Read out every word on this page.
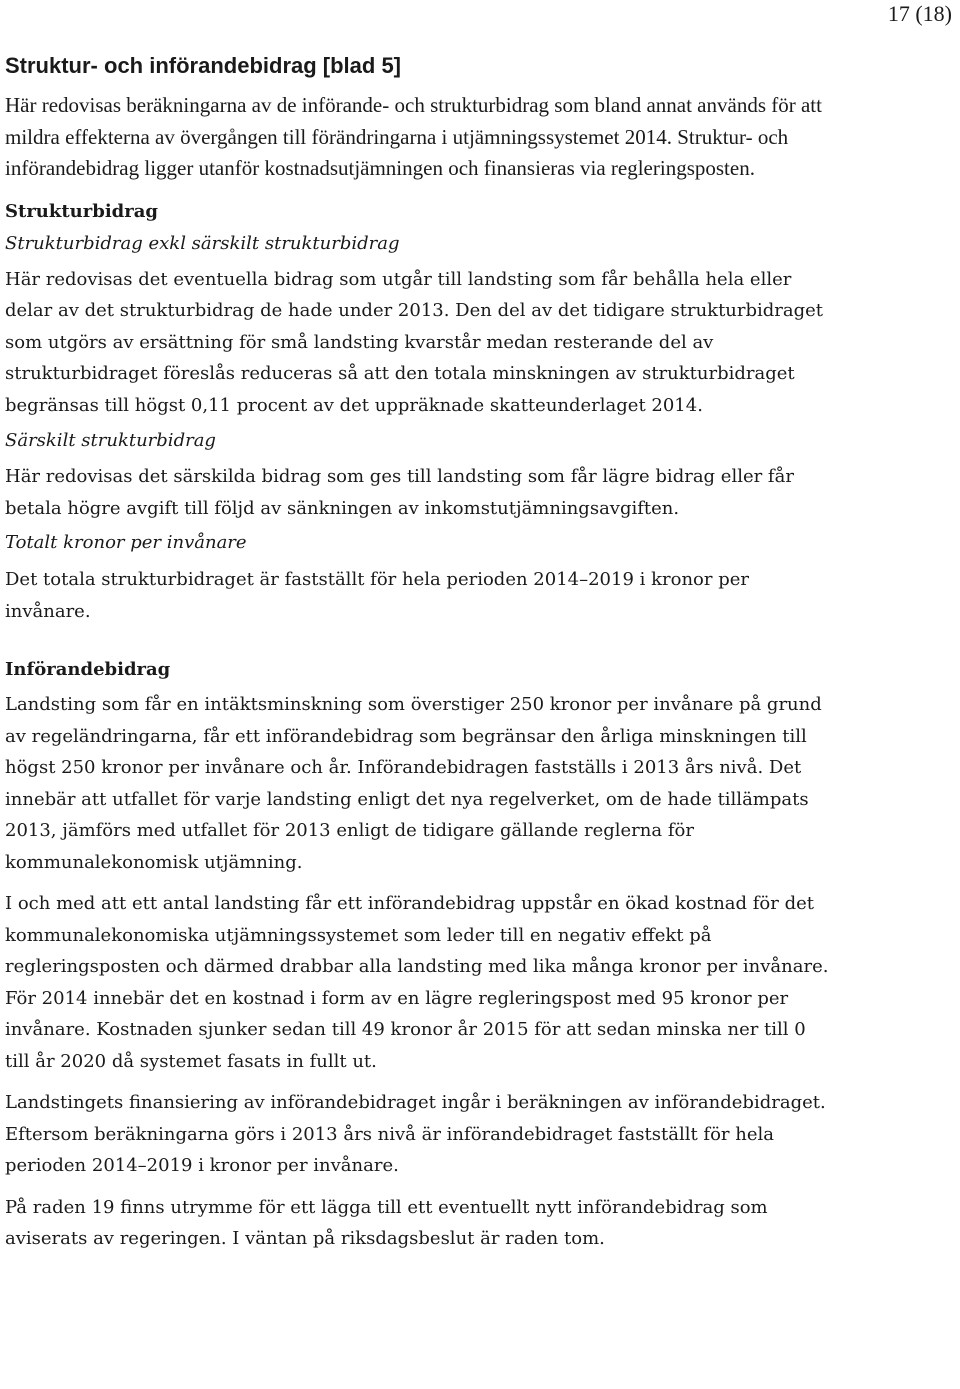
17 (18)
Struktur- och införandebidrag [blad 5]

Här redovisas beräkningarna av de införande- och strukturbidrag som bland annat används för att mildra effekterna av övergången till förändringarna i utjämningssystemet 2014. Struktur- och införandebidrag ligger utanför kostnadsutjämningen och finansieras via regleringsposten.

Strukturbidrag
Strukturbidrag exkl särskilt strukturbidrag

Här redovisas det eventuella bidrag som utgår till landsting som får behålla hela eller delar av det strukturbidrag de hade under 2013. Den del av det tidigare strukturbidraget som utgörs av ersättning för små landsting kvarstår medan resterande del av strukturbidraget föreslås reduceras så att den totala minskningen av strukturbidraget begränsas till högst 0,11 procent av det uppräknade skatteunderlaget 2014.

Särskilt strukturbidrag

Här redovisas det särskilda bidrag som ges till landsting som får lägre bidrag eller får betala högre avgift till följd av sänkningen av inkomstutjämningsavgiften.

Totalt kronor per invånare

Det totala strukturbidraget är fastställt för hela perioden 2014–2019 i kronor per invånare.

Införandebidrag

Landsting som får en intäktsminskning som överstiger 250 kronor per invånare på grund av regeländringarna, får ett införandebidrag som begränsar den årliga minskningen till högst 250 kronor per invånare och år. Införandebidragen fastställs i 2013 års nivå. Det innebär att utfallet för varje landsting enligt det nya regelverket, om de hade tillämpats 2013, jämförs med utfallet för 2013 enligt de tidigare gällande reglerna för kommunalekonomisk utjämning.

I och med att ett antal landsting får ett införandebidrag uppstår en ökad kostnad för det kommunalekonomiska utjämningssystemet som leder till en negativ effekt på regleringsposten och därmed drabbar alla landsting med lika många kronor per invånare. För 2014 innebär det en kostnad i form av en lägre regleringspost med 95 kronor per invånare. Kostnaden sjunker sedan till 49 kronor år 2015 för att sedan minska ner till 0 till år 2020 då systemet fasats in fullt ut.

Landstingets finansiering av införandebidraget ingår i beräkningen av införandebidraget. Eftersom beräkningarna görs i 2013 års nivå är införandebidraget fastställt för hela perioden 2014–2019 i kronor per invånare.

På raden 19 finns utrymme för ett lägga till ett eventuellt nytt införandebidrag som aviserats av regeringen. I väntan på riksdagsbeslut är raden tom.
